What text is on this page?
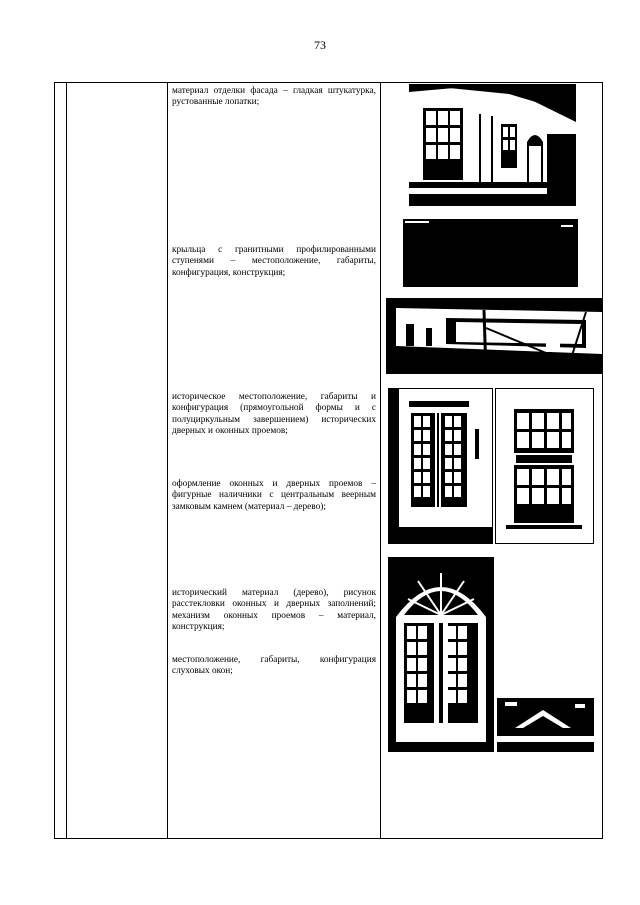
73
материал отделки фасада – гладкая штукатурка, рустованные лопатки;
крыльца с гранитными профилированными ступенями – местоположение, габариты, конфигурация, конструкция;
историческое местоположение, габариты и конфигурация (прямоугольной формы и с полуциркульным завершением) исторических дверных и оконных проемов;
оформление оконных и дверных проемов – фигурные наличники с центральным веерным замковым камнем (материал – дерево);
исторический материал (дерево), рисунок расстекловки оконных и дверных заполнений; механизм оконных проемов – материал, конструкция;
местоположение, габариты, конфигурация слуховых окон;
